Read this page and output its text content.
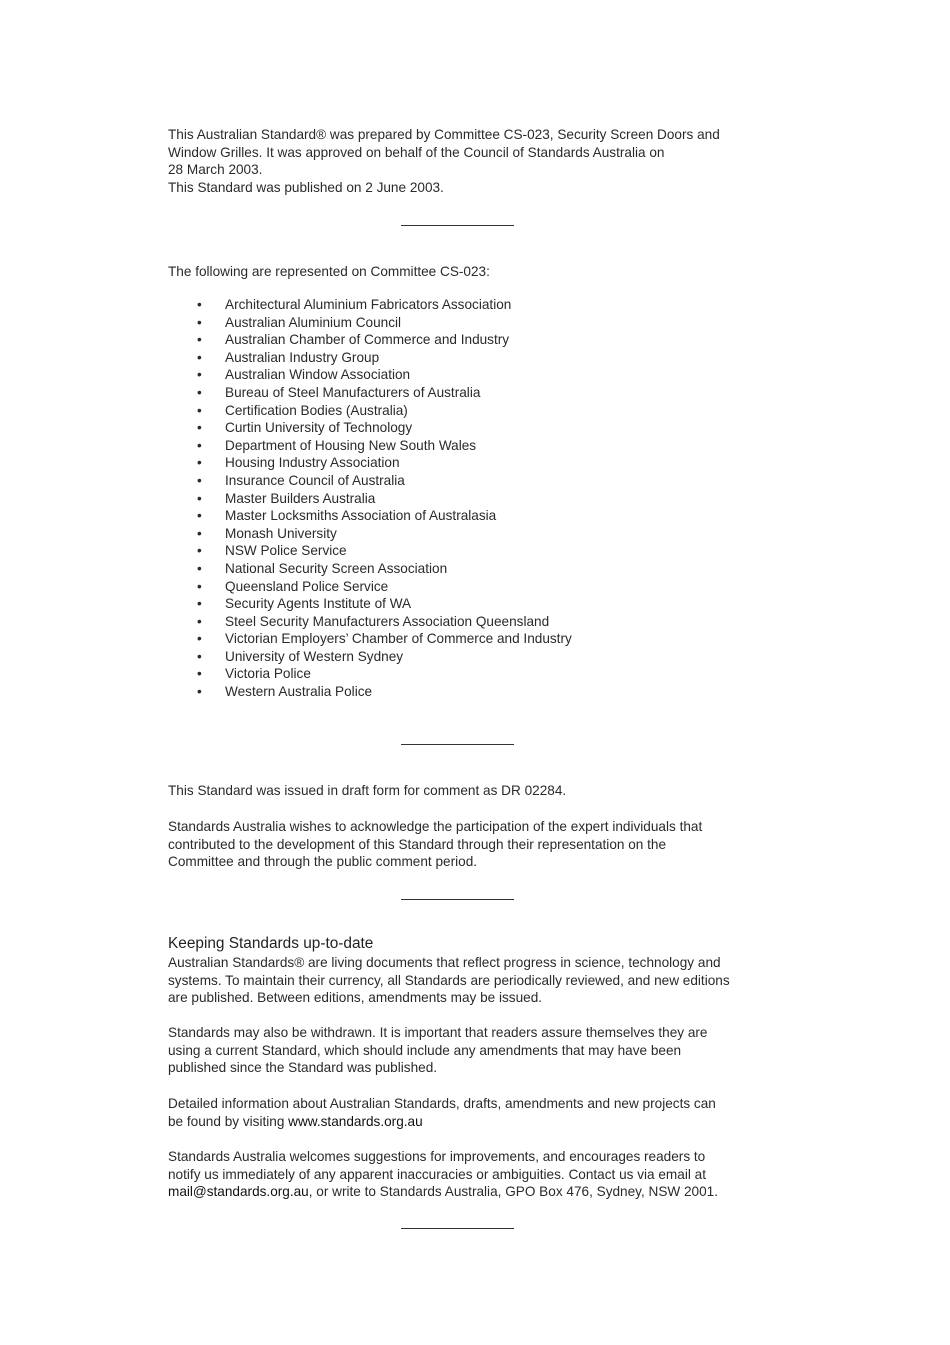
This Australian Standard® was prepared by Committee CS-023, Security Screen Doors and
Window Grilles. It was approved on behalf of the Council of Standards Australia on
28 March 2003.
This Standard was published on 2 June 2003.
The following are represented on Committee CS-023:
• Architectural Aluminium Fabricators Association
• Australian Aluminium Council
• Australian Chamber of Commerce and Industry
• Australian Industry Group
• Australian Window Association
• Bureau of Steel Manufacturers of Australia
• Certification Bodies (Australia)
• Curtin University of Technology
• Department of Housing New South Wales
• Housing Industry Association
• Insurance Council of Australia
• Master Builders Australia
• Master Locksmiths Association of Australasia
• Monash University
• NSW Police Service
• National Security Screen Association
• Queensland Police Service
• Security Agents Institute of WA
• Steel Security Manufacturers Association Queensland
• Victorian Employers’ Chamber of Commerce and Industry
• University of Western Sydney
• Victoria Police
• Western Australia Police
This Standard was issued in draft form for comment as DR 02284.
Standards Australia wishes to acknowledge the participation of the expert individuals that
contributed to the development of this Standard through their representation on the
Committee and through the public comment period.
Keeping Standards up-to-date
Australian Standards® are living documents that reflect progress in science, technology and
systems. To maintain their currency, all Standards are periodically reviewed, and new editions
are published. Between editions, amendments may be issued.
Standards may also be withdrawn. It is important that readers assure themselves they are
using a current Standard, which should include any amendments that may have been
published since the Standard was published.
Detailed information about Australian Standards, drafts, amendments and new projects can
be found by visiting www.standards.org.au
Standards Australia welcomes suggestions for improvements, and encourages readers to
notify us immediately of any apparent inaccuracies or ambiguities. Contact us via email at
mail@standards.org.au, or write to Standards Australia, GPO Box 476, Sydney, NSW 2001.
